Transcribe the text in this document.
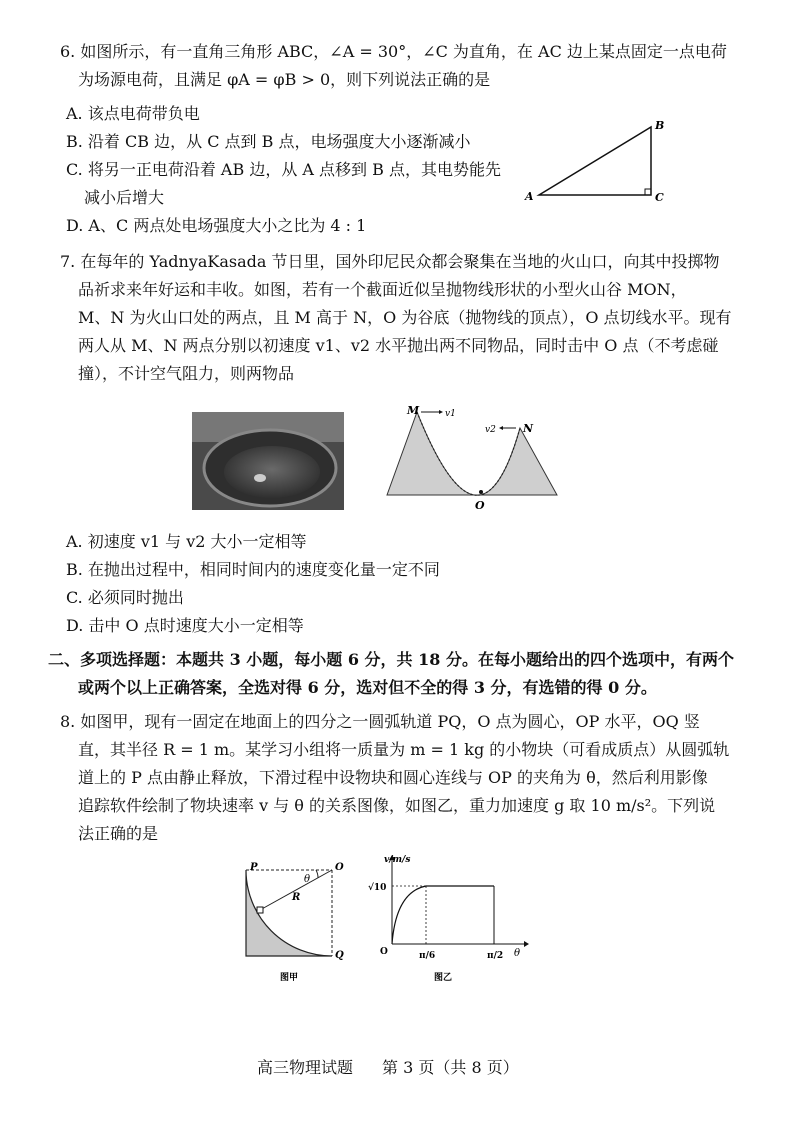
6. 如图所示，有一直角三角形 ABC，∠A = 30°，∠C 为直角，在 AC 边上某点固定一点电荷
为场源电荷，且满足 φA = φB > 0，则下列说法正确的是
A. 该点电荷带负电
B. 沿着 CB 边，从 C 点到 B 点，电场强度大小逐渐减小
C. 将另一正电荷沿着 AB 边，从 A 点移到 B 点，其电势能先
减小后增大
D. A、C 两点处电场强度大小之比为 4 : 1
A
B
C
7. 在每年的 YadnyaKasada 节日里，国外印尼民众都会聚集在当地的火山口，向其中投掷物
品祈求来年好运和丰收。如图，若有一个截面近似呈抛物线形状的小型火山谷 MON，
M、N 为火山口处的两点，且 M 高于 N，O 为谷底（抛物线的顶点），O 点切线水平。现有
两人从 M、N 两点分别以初速度 v1、v2 水平抛出两不同物品，同时击中 O 点（不考虑碰
撞），不计空气阻力，则两物品
M	v1
v2 N
O
A. 初速度 v1 与 v2 大小一定相等
B. 在抛出过程中，相同时间内的速度变化量一定不同
C. 必须同时抛出
D. 击中 O 点时速度大小一定相等
二、多项选择题：本题共 3 小题，每小题 6 分，共 18 分。在每小题给出的四个选项中，有两个
或两个以上正确答案，全选对得 6 分，选对但不全的得 3 分，有选错的得 0 分。
8. 如图甲，现有一固定在地面上的四分之一圆弧轨道 PQ，O 点为圆心，OP 水平，OQ 竖
直，其半径 R = 1 m。某学习小组将一质量为 m = 1 kg 的小物块（可看成质点）从圆弧轨
道上的 P 点由静止释放，下滑过程中设物块和圆心连线与 OP 的夹角为 θ，然后利用影像
追踪软件绘制了物块速率 v 与 θ 的关系图像，如图乙，重力加速度 g 取 10 m/s²。下列说
法正确的是
P	O
Q
θ
R
图甲
v/m/s
√10
O	π/6	π/2 θ
图乙
高三物理试题 第 3 页（共 8 页）
